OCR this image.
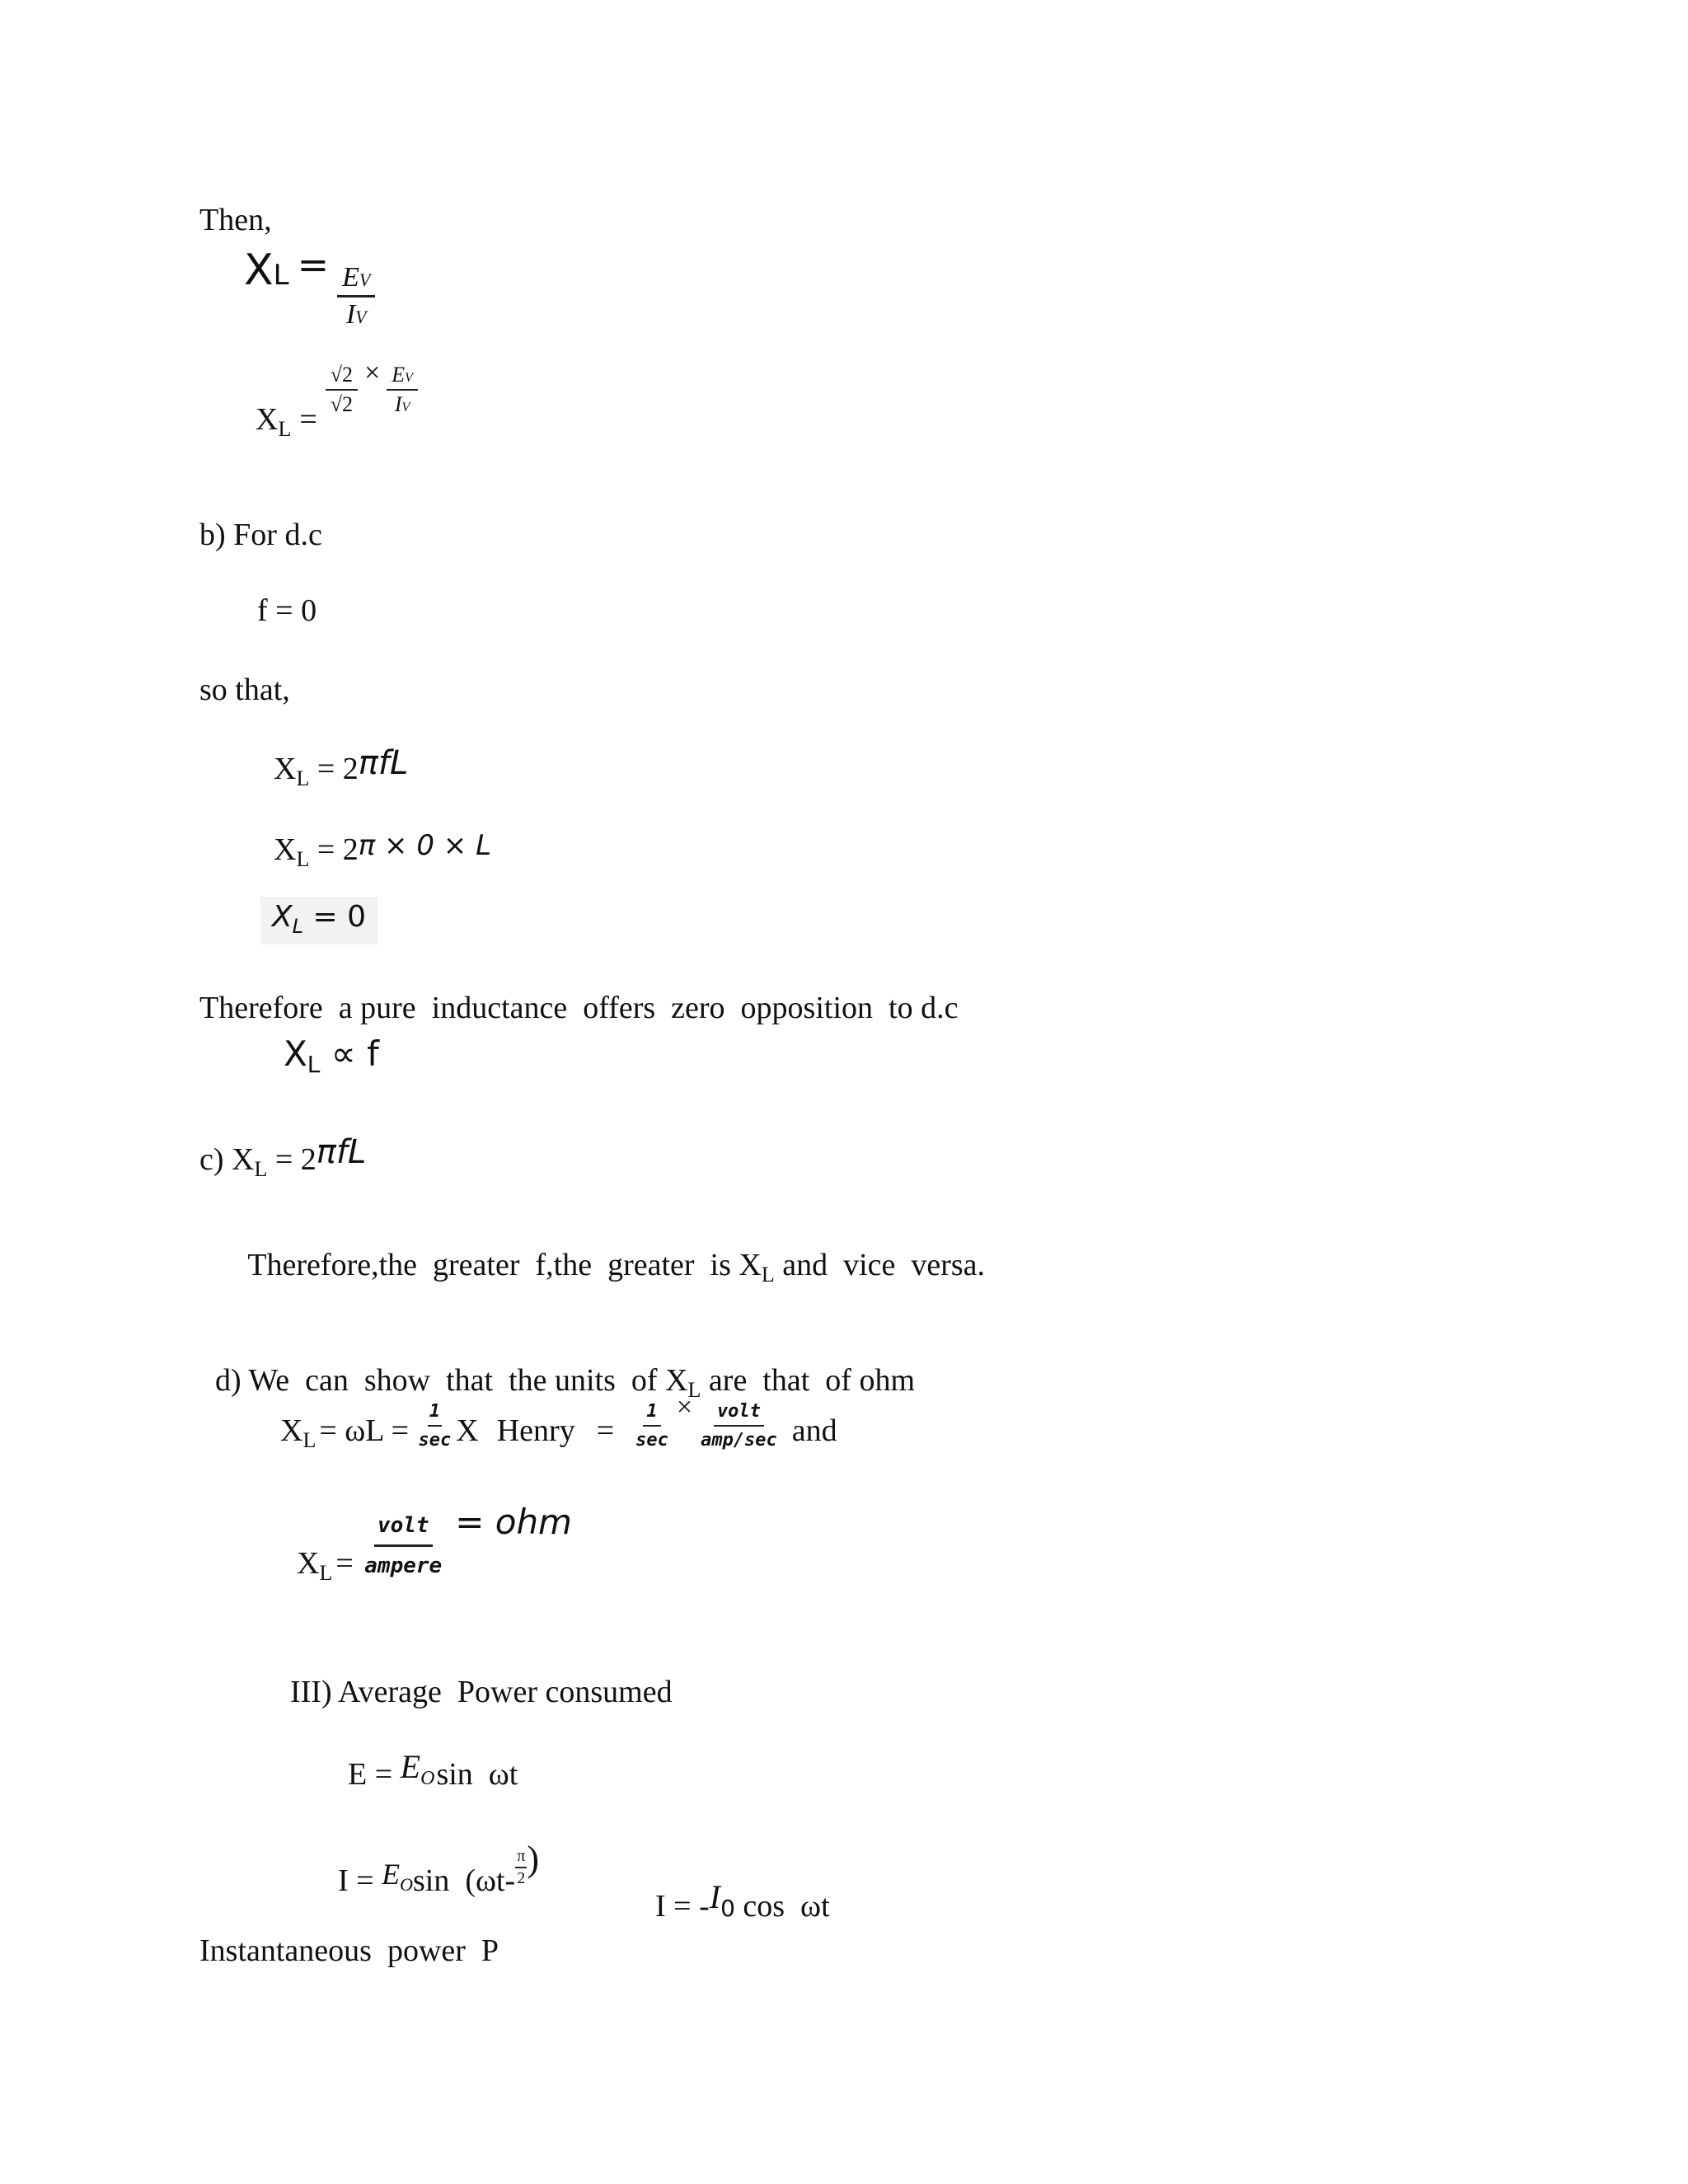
Then,
XL = $\frac{EV}{IV}$
$X_L$ =
$\frac{√2}{√2} \times \frac{EV}{IV}$
b) For d.c
f = 0
so that,
$X_L = 2\pi fL$
$X_L = 2\pi \times 0 \times L$
XL = 0
Therefore  a pure  inductance  offers  zero  opposition  to d.c
XL ∝ f
c) $X_L = 2\pi fL$

Therefore,the  greater  f,the  greater  is $X_L$ and  vice  versa.

d) We  can  show  that  the units  of $X_L$ are  that  of ohm

$X_L = \omega L = \frac{1}{\sec}$ X Henry = $\frac{1}{\sec} \times \frac{\text{volt}}{\text{amp/sec}}$ and
$X_L = \frac{\text{volt}}{\text{ampere}}$ = ohm
III) Average  Power consumed
E = EOsin  ωt
I = EOsin  ($\omega t- \frac{\pi}{2}$ )

I = -I0 cos  ωt

Instantaneous  power  P
